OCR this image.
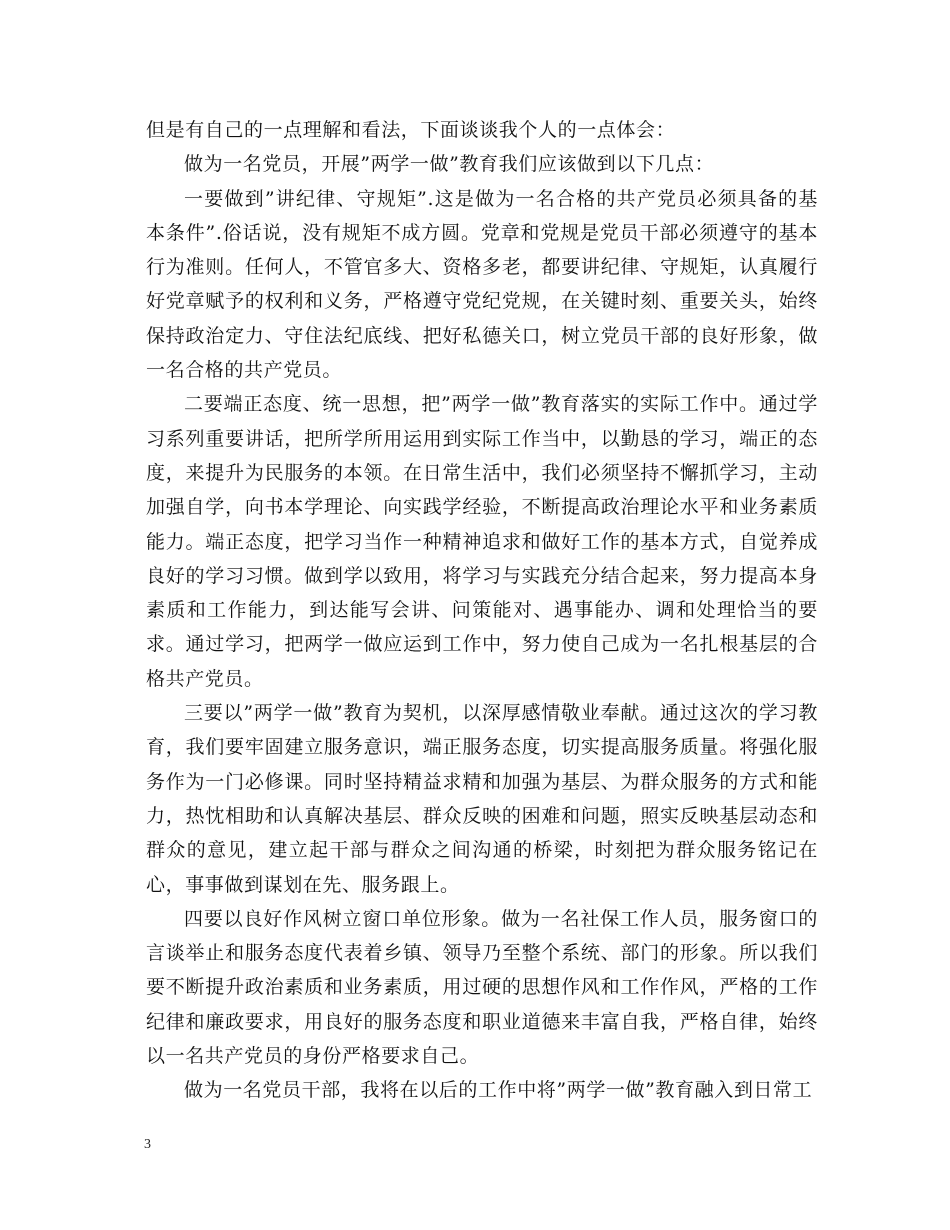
但是有自己的一点理解和看法，下面谈谈我个人的一点体会：

做为一名党员，开展”两学一做”教育我们应该做到以下几点：

一要做到”讲纪律、守规矩”.这是做为一名合格的共产党员必须具备的基本条件”.俗话说，没有规矩不成方圆。党章和党规是党员干部必须遵守的基本行为准则。任何人，不管官多大、资格多老，都要讲纪律、守规矩，认真履行好党章赋予的权利和义务，严格遵守党纪党规，在关键时刻、重要关头，始终保持政治定力、守住法纪底线、把好私德关口，树立党员干部的良好形象，做一名合格的共产党员。

二要端正态度、统一思想，把”两学一做”教育落实的实际工作中。通过学习系列重要讲话，把所学所用运用到实际工作当中，以勤恳的学习，端正的态度，来提升为民服务的本领。在日常生活中，我们必须坚持不懈抓学习，主动加强自学，向书本学理论、向实践学经验，不断提高政治理论水平和业务素质能力。端正态度，把学习当作一种精神追求和做好工作的基本方式，自觉养成良好的学习习惯。做到学以致用，将学习与实践充分结合起来，努力提高本身素质和工作能力，到达能写会讲、问策能对、遇事能办、调和处理恰当的要求。通过学习，把两学一做应运到工作中，努力使自己成为一名扎根基层的合格共产党员。

三要以”两学一做”教育为契机，以深厚感情敬业奉献。通过这次的学习教育，我们要牢固建立服务意识，端正服务态度，切实提高服务质量。将强化服务作为一门必修课。同时坚持精益求精和加强为基层、为群众服务的方式和能力，热忱相助和认真解决基层、群众反映的困难和问题，照实反映基层动态和群众的意见，建立起干部与群众之间沟通的桥梁，时刻把为群众服务铭记在心，事事做到谋划在先、服务跟上。

四要以良好作风树立窗口单位形象。做为一名社保工作人员，服务窗口的言谈举止和服务态度代表着乡镇、领导乃至整个系统、部门的形象。所以我们要不断提升政治素质和业务素质，用过硬的思想作风和工作作风，严格的工作纪律和廉政要求，用良好的服务态度和职业道德来丰富自我，严格自律，始终以一名共产党员的身份严格要求自己。

做为一名党员干部，我将在以后的工作中将”两学一做”教育融入到日常工

3
